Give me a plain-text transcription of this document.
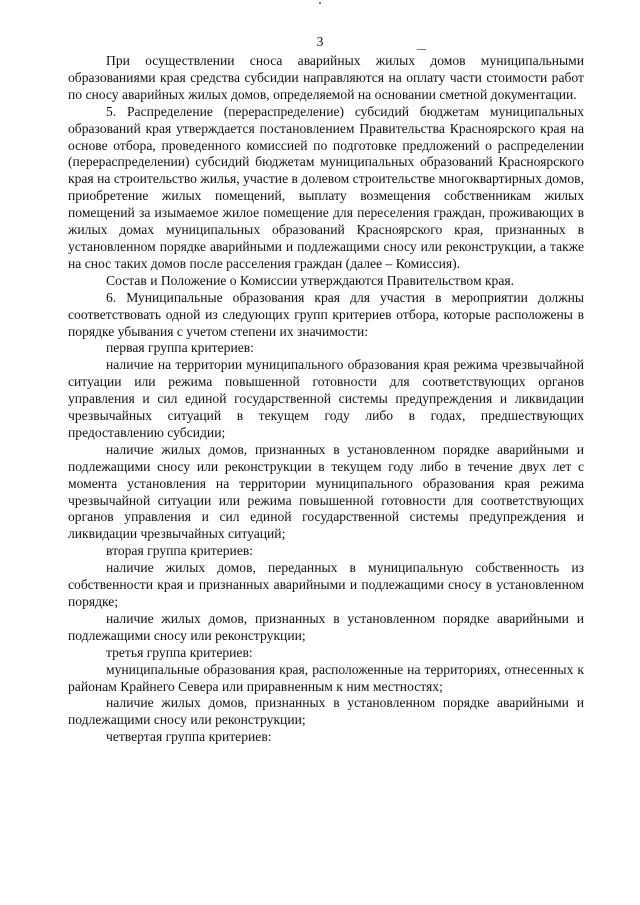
3

При осуществлении сноса аварийных жилых домов муниципальными образованиями края средства субсидии направляются на оплату части стоимости работ по сносу аварийных жилых домов, определяемой на основании сметной документации.

5. Распределение (перераспределение) субсидий бюджетам муниципальных образований края утверждается постановлением Правительства Красноярского края на основе отбора, проведенного комиссией по подготовке предложений о распределении (перераспределении) субсидий бюджетам муниципальных образований Красноярского края на строительство жилья, участие в долевом строительстве многоквартирных домов, приобретение жилых помещений, выплату возмещения собственникам жилых помещений за изымаемое жилое помещение для переселения граждан, проживающих в жилых домах муниципальных образований Красноярского края, признанных в установленном порядке аварийными и подлежащими сносу или реконструкции, а также на снос таких домов после расселения граждан (далее – Комиссия).

Состав и Положение о Комиссии утверждаются Правительством края.

6. Муниципальные образования края для участия в мероприятии должны соответствовать одной из следующих групп критериев отбора, которые расположены в порядке убывания с учетом степени их значимости:

первая группа критериев:

наличие на территории муниципального образования края режима чрезвычайной ситуации или режима повышенной готовности для соответствующих органов управления и сил единой государственной системы предупреждения и ликвидации чрезвычайных ситуаций в текущем году либо в годах, предшествующих предоставлению субсидии;

наличие жилых домов, признанных в установленном порядке аварийными и подлежащими сносу или реконструкции в текущем году либо в течение двух лет с момента установления на территории муниципального образования края режима чрезвычайной ситуации или режима повышенной готовности для соответствующих органов управления и сил единой государственной системы предупреждения и ликвидации чрезвычайных ситуаций;

вторая группа критериев:

наличие жилых домов, переданных в муниципальную собственность из собственности края и признанных аварийными и подлежащими сносу в установленном порядке;

наличие жилых домов, признанных в установленном порядке аварийными и подлежащими сносу или реконструкции;

третья группа критериев:

муниципальные образования края, расположенные на территориях, отнесенных к районам Крайнего Севера или приравненным к ним местностях;

наличие жилых домов, признанных в установленном порядке аварийными и подлежащими сносу или реконструкции;

четвертая группа критериев:
